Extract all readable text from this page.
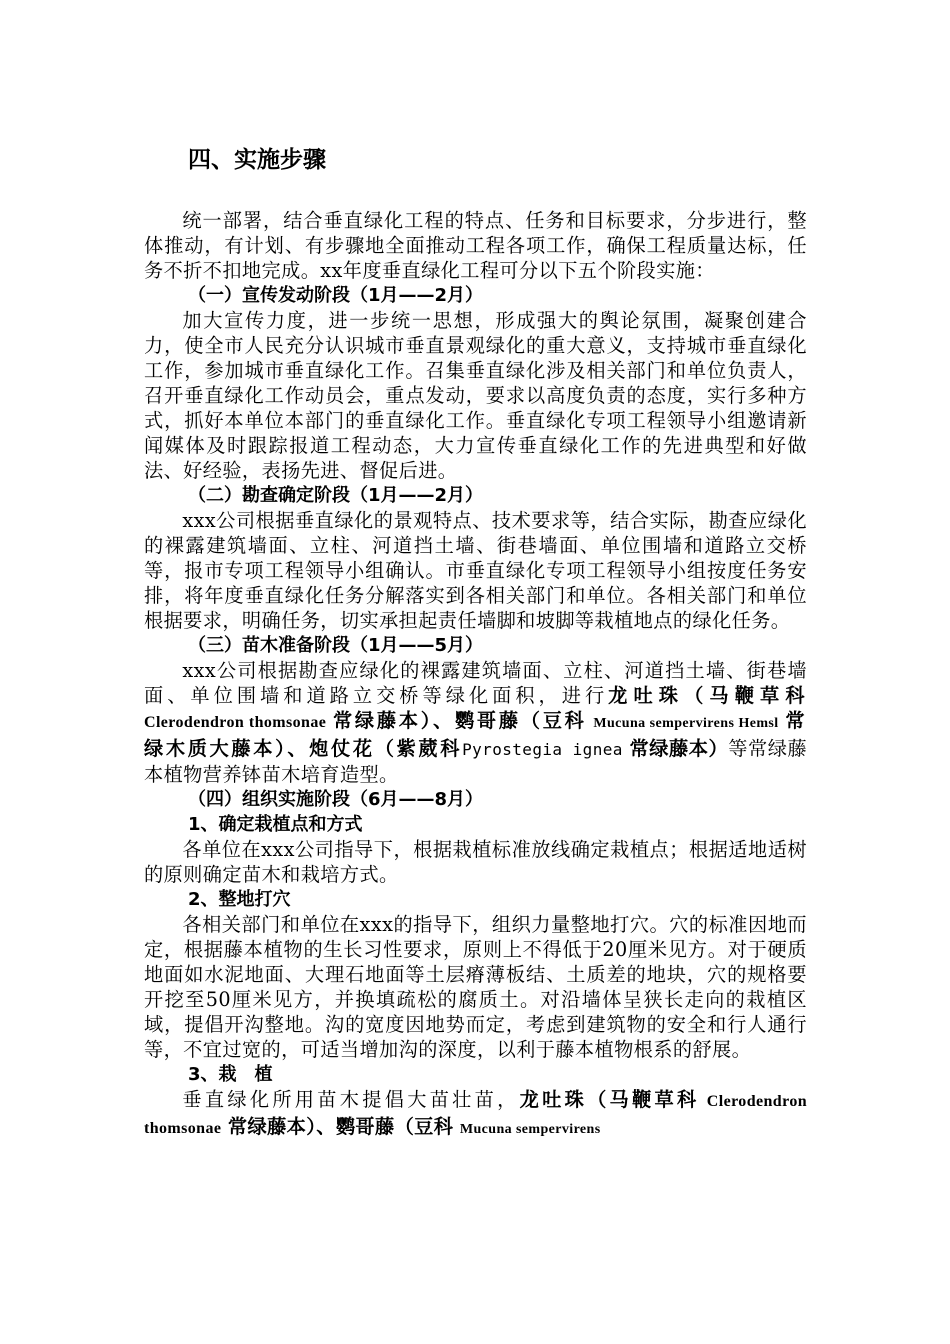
四、实施步骤

统一部署，结合垂直绿化工程的特点、任务和目标要求，分步进行，整体推动，有计划、有步骤地全面推动工程各项工作，确保工程质量达标，任务不折不扣地完成。xx年度垂直绿化工程可分以下五个阶段实施：

（一）宣传发动阶段（1月——2月）

加大宣传力度，进一步统一思想，形成强大的舆论氛围，凝聚创建合力，使全市人民充分认识城市垂直景观绿化的重大意义，支持城市垂直绿化工作，参加城市垂直绿化工作。召集垂直绿化涉及相关部门和单位负责人，召开垂直绿化工作动员会，重点发动，要求以高度负责的态度，实行多种方式，抓好本单位本部门的垂直绿化工作。垂直绿化专项工程领导小组邀请新闻媒体及时跟踪报道工程动态，大力宣传垂直绿化工作的先进典型和好做法、好经验，表扬先进、督促后进。

（二）勘查确定阶段（1月——2月）

xxx公司根据垂直绿化的景观特点、技术要求等，结合实际，勘查应绿化的裸露建筑墙面、立柱、河道挡土墙、街巷墙面、单位围墙和道路立交桥等，报市专项工程领导小组确认。市垂直绿化专项工程领导小组按度任务安排，将年度垂直绿化任务分解落实到各相关部门和单位。各相关部门和单位根据要求，明确任务，切实承担起责任墙脚和坡脚等栽植地点的绿化任务。

（三）苗木准备阶段（1月——5月）

xxx公司根据勘查应绿化的裸露建筑墙面、立柱、河道挡土墙、街巷墙面、单位围墙和道路立交桥等绿化面积，进行龙吐珠（马鞭草科 Clerodendron thomsonae 常绿藤本）、鹦哥藤（豆科 Mucuna sempervirens Hemsl 常绿木质大藤本）、炮仗花（紫葳科Pyrostegia ignea 常绿藤本）等常绿藤本植物营养钵苗木培育造型。

（四）组织实施阶段（6月——8月）
1、确定栽植点和方式

各单位在xxx公司指导下，根据栽植标准放线确定栽植点；根据适地适树的原则确定苗木和栽培方式。

2、整地打穴

各相关部门和单位在xxx的指导下，组织力量整地打穴。穴的标准因地而定，根据藤本植物的生长习性要求，原则上不得低于20厘米见方。对于硬质地面如水泥地面、大理石地面等土层瘠薄板结、土质差的地块，穴的规格要开挖至50厘米见方，并换填疏松的腐质土。对沿墙体呈狭长走向的栽植区域，提倡开沟整地。沟的宽度因地势而定，考虑到建筑物的安全和行人通行等，不宜过宽的，可适当增加沟的深度，以利于藤本植物根系的舒展。

3、栽　植

垂直绿化所用苗木提倡大苗壮苗，龙吐珠（马鞭草科 Clerodendron thomsonae 常绿藤本）、鹦哥藤（豆科 Mucuna sempervirens
